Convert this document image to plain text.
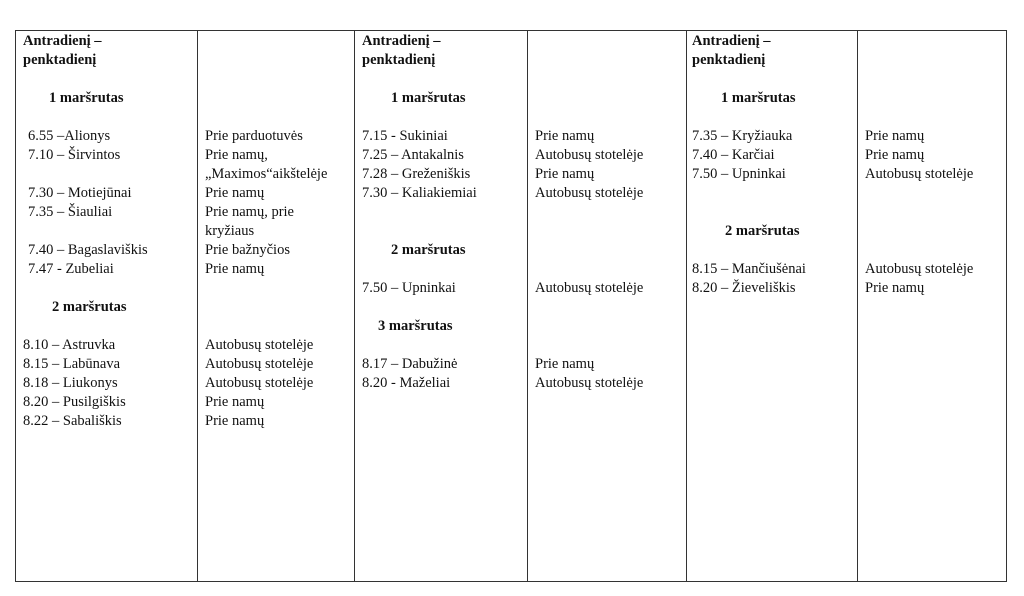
Antradienį –
penktadienį
1 maršrutas
6.55 –Alionys
7.10 – Širvintos
7.30 – Motiejūnai
7.35 – Šiauliai
7.40 – Bagaslaviškis
7.47 - Zubeliai
2 maršrutas
8.10 – Astruvka
8.15 – Labūnava
8.18 – Liukonys
8.20 – Pusilgiškis
8.22 – Sabališkis
Prie parduotuvės
Prie namų,
„Maximos“aikštelėje
Prie namų
Prie namų, prie
kryžiaus
Prie bažnyčios
Prie namų
Autobusų stotelėje
Autobusų stotelėje
Autobusų stotelėje
Prie namų
Prie namų
Antradienį –
penktadienį
1 maršrutas
7.15 - Sukiniai
7.25 – Antakalnis
7.28 – Greženiškis
7.30 – Kaliakiemiai
2 maršrutas
7.50 – Upninkai
3 maršrutas
8.17 – Dabužinė
8.20 - Maželiai
Prie namų
Autobusų stotelėje
Prie namų
Autobusų stotelėje
Autobusų stotelėje
Prie namų
Autobusų stotelėje
Antradienį –
penktadienį
1 maršrutas
7.35 – Kryžiauka
7.40 – Karčiai
7.50 – Upninkai
2 maršrutas
8.15 – Mančiušėnai
8.20 – Žieveliškis
Prie namų
Prie namų
Autobusų stotelėje
Autobusų stotelėje
Prie namų
